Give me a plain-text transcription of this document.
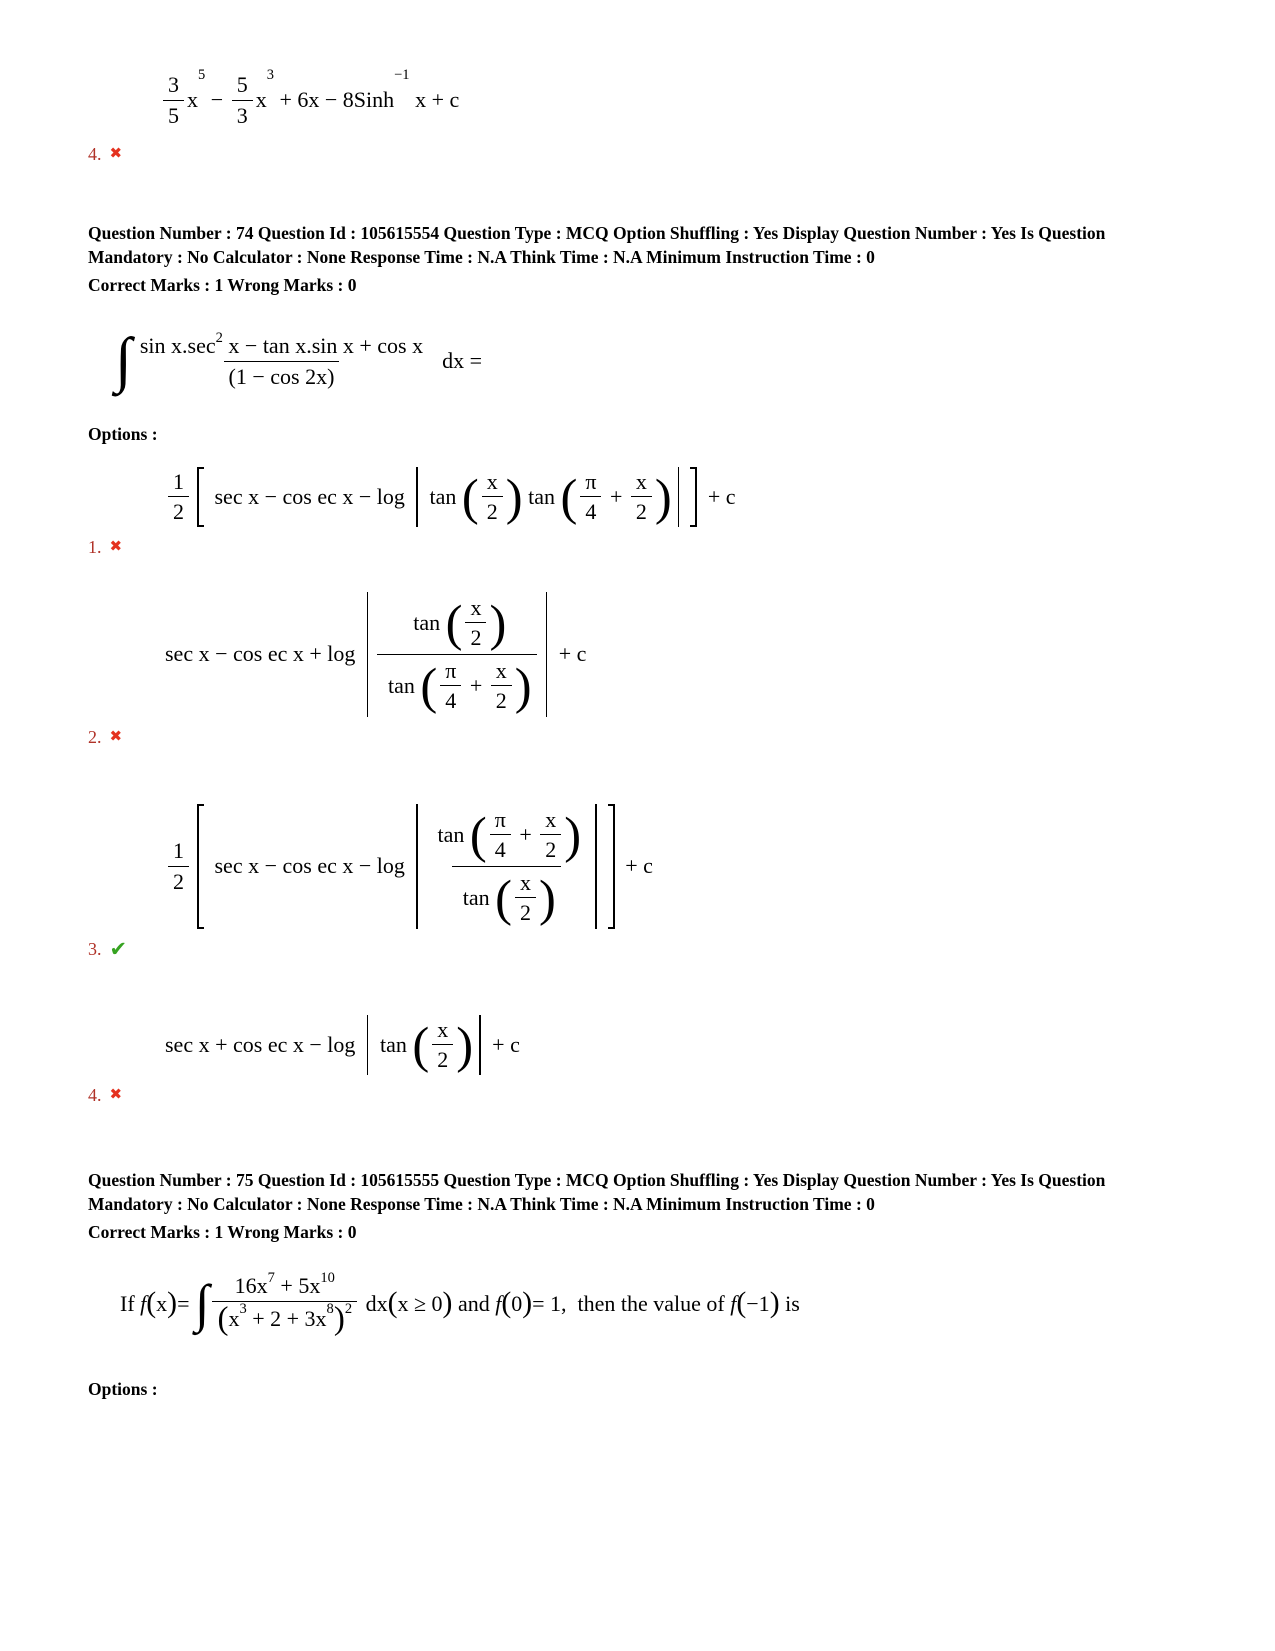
$\frac{3}{5}$ x
5
− $\frac{5}{3}$ x
3
+ 6x − 8Sinh
−1
x + c
4. ✖

Question Number : 74 Question Id : 105615554 Question Type : MCQ Option Shuffling : Yes Display Question Number : Yes Is Question Mandatory : No Calculator : None Response Time : N.A Think Time : N.A Minimum Instruction Time : 0

Correct Marks : 1 Wrong Marks : 0

∫ sin x.sec 2 x − tan x.sin x + cos x
(1 − cos 2x)
dx =

Options :

$\frac{1}{2}$ sec x − cos ec x − log tan ( $\frac{x}{2}$ ) tan ( $\frac{\pi}{4} + \frac{x}{2}$ ) + c
1. ✖
sec x − cos ec $x + \log \frac{\tan ( \frac{x}{2} )}{\tan ( \frac{\pi}{4} + \frac{x}{2} )} + c$
2. ✖
$\frac{1}{2}$ sec x − cos ec $x - \log \frac{\tan ( \frac{\pi}{4} + \frac{x}{2} )}{\tan ( \frac{x}{2} )} + c$
3. ✔
sec x + cos ec x − log tan ( $\frac{x}{2}$ ) + c
4. ✖

Question Number : 75 Question Id : 105615555 Question Type : MCQ Option Shuffling : Yes Display Question Number : Yes Is Question Mandatory : No Calculator : None Response Time : N.A Think Time : N.A Minimum Instruction Time : 0

Correct Marks : 1 Wrong Marks : 0

If f ( x ) = ∫ $\frac{16x 7 + 5x 10}{( x 3 + 2 + 3x 8 ) 2}$ dx ( x ≥ 0 ) and f ( 0 ) = 1,  then the value of f ( −1 ) is

Options :
